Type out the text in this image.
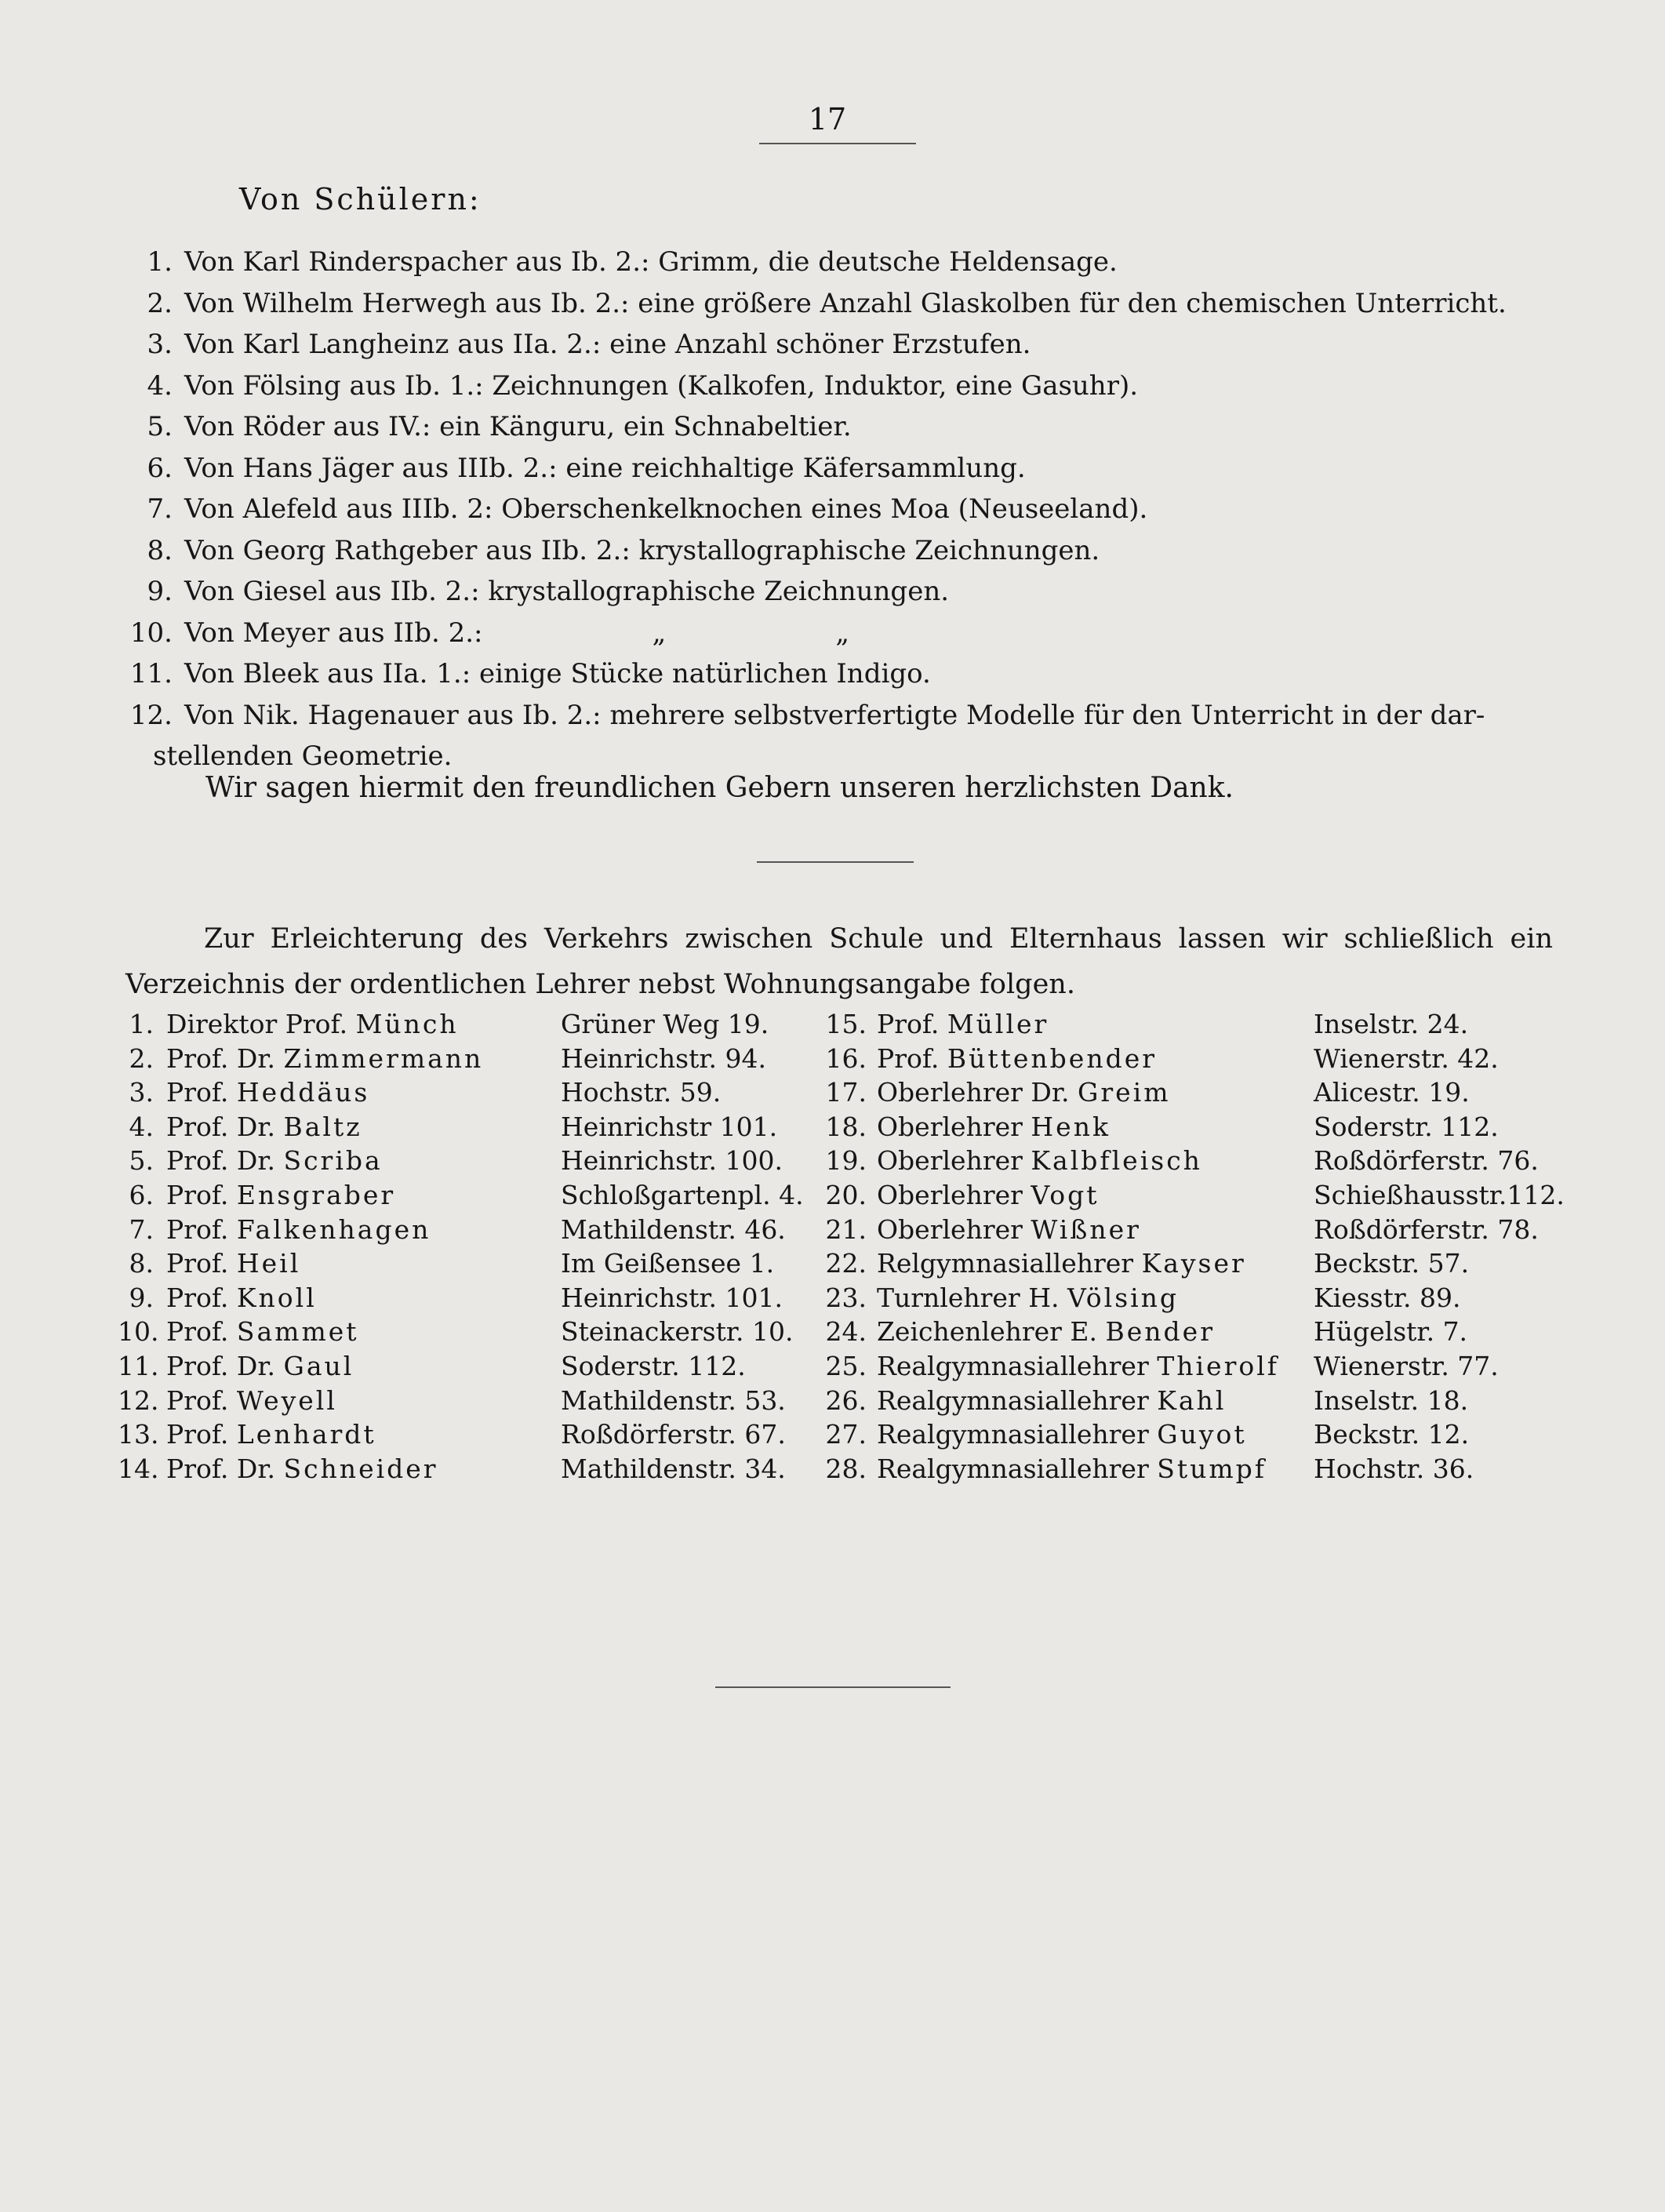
17
Von Schülern:
1. Von Karl Rinderspacher aus Ib. 2.: Grimm, die deutsche Heldensage.
2. Von Wilhelm Herwegh aus Ib. 2.: eine größere Anzahl Glaskolben für den chemischen Unterricht.
3. Von Karl Langheinz aus IIa. 2.: eine Anzahl schöner Erzstufen.
4. Von Fölsing aus Ib. 1.: Zeichnungen (Kalkofen, Induktor, eine Gasuhr).
5. Von Röder aus IV.: ein Känguru, ein Schnabeltier.
6. Von Hans Jäger aus IIIb. 2.: eine reichhaltige Käfersammlung.
7. Von Alefeld aus IIIb. 2: Oberschenkelknochen eines Moa (Neuseeland).
8. Von Georg Rathgeber aus IIb. 2.: krystallographische Zeichnungen.
9. Von Giesel aus IIb. 2.: krystallographische Zeichnungen.
10. Von Meyer aus IIb. 2.:                    „                    „
11. Von Bleek aus IIa. 1.: einige Stücke natürlichen Indigo.
12. Von Nik. Hagenauer aus Ib. 2.: mehrere selbstverfertigte Modelle für den Unterricht in der dar-
stellenden Geometrie.
Wir sagen hiermit den freundlichen Gebern unseren herzlichsten Dank.
Zur Erleichterung des Verkehrs zwischen Schule und Elternhaus lassen wir schließlich ein Verzeichnis der ordentlichen Lehrer nebst Wohnungsangabe folgen.
1. Direktor Prof. Münch	Grüner Weg 19.	15. Prof. Müller	Inselstr. 24.
2. Prof. Dr. Zimmermann	Heinrichstr. 94.	16. Prof. Büttenbender	Wienerstr. 42.
3. Prof. Heddäus	Hochstr. 59.	17. Oberlehrer Dr. Greim	Alicestr. 19.
4. Prof. Dr. Baltz	Heinrichstr 101.	18. Oberlehrer Henk	Soderstr. 112.
5. Prof. Dr. Scriba	Heinrichstr. 100.	19. Oberlehrer Kalbfleisch	Roßdörferstr. 76.
6. Prof. Ensgraber	Schloßgartenpl. 4. 20. Oberlehrer Vogt	Schießhausstr.112.
7. Prof. Falkenhagen	Mathildenstr. 46.	21. Oberlehrer Wißner	Roßdörferstr. 78.
8. Prof. Heil	Im Geißensee 1.	22. Relgymnasiallehrer Kayser	Beckstr. 57.
9. Prof. Knoll	Heinrichstr. 101.	23. Turnlehrer H. Völsing	Kiesstr. 89.
10. Prof. Sammet	Steinackerstr. 10.	24. Zeichenlehrer E. Bender	Hügelstr. 7.
11. Prof. Dr. Gaul	Soderstr. 112.	25. Realgymnasiallehrer Thierolf Wienerstr. 77.
12. Prof. Weyell	Mathildenstr. 53.	26. Realgymnasiallehrer Kahl	Inselstr. 18.
13. Prof. Lenhardt	Roßdörferstr. 67.	27. Realgymnasiallehrer Guyot	Beckstr. 12.
14. Prof. Dr. Schneider	Mathildenstr. 34.	28. Realgymnasiallehrer Stumpf Hochstr. 36.
